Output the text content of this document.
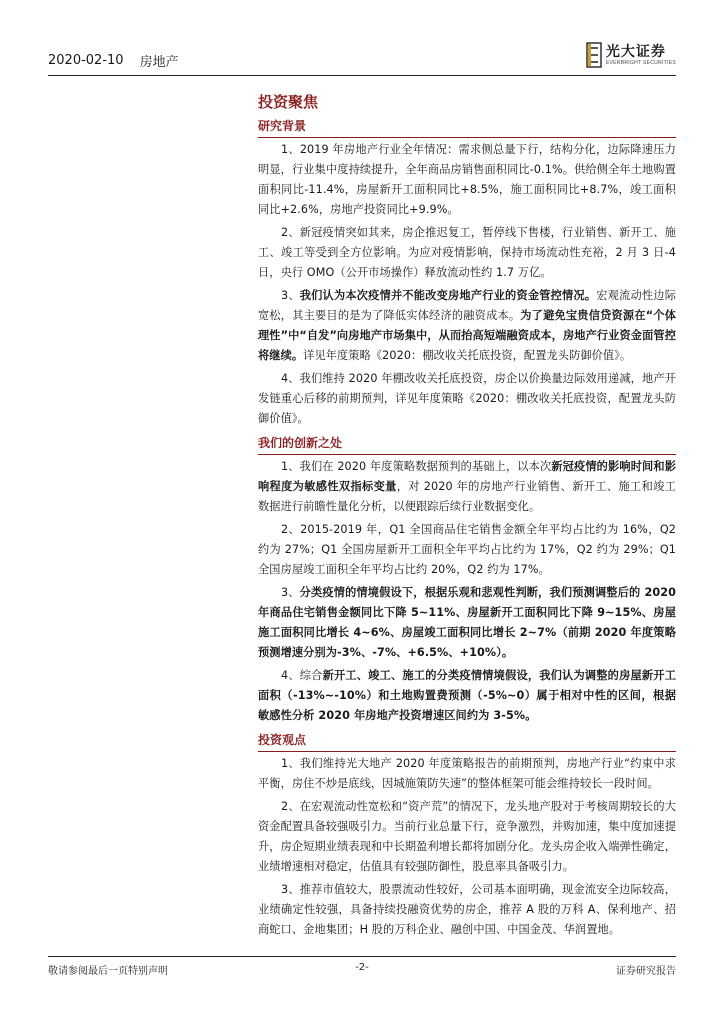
2020-02-10 房地产
光大证券
EVERBRIGHT SECURITIES
投资聚焦
研究背景

1、2019 年房地产行业全年情况：需求侧总量下行，结构分化，边际降速压力明显，行业集中度持续提升，全年商品房销售面积同比-0.1%。供给侧全年土地购置面积同比-11.4%，房屋新开工面积同比+8.5%，施工面积同比+8.7%，竣工面积同比+2.6%，房地产投资同比+9.9%。

2、新冠疫情突如其来，房企推迟复工，暂停线下售楼，行业销售、新开工、施工、竣工等受到全方位影响。为应对疫情影响，保持市场流动性充裕，2 月 3 日-4 日，央行 OMO（公开市场操作）释放流动性约 1.7 万亿。

3、我们认为本次疫情并不能改变房地产行业的资金管控情况。宏观流动性边际宽松，其主要目的是为了降低实体经济的融资成本。为了避免宝贵信贷资源在“个体理性”中“自发”向房地产市场集中，从而抬高短端融资成本，房地产行业资金面管控将继续。详见年度策略《2020：棚改收关托底投资，配置龙头防御价值》。

4、我们维持 2020 年棚改收关托底投资，房企以价换量边际效用递减，地产开发链重心后移的前期预判，详见年度策略《2020：棚改收关托底投资，配置龙头防御价值》。

我们的创新之处

1、我们在 2020 年度策略数据预判的基础上，以本次新冠疫情的影响时间和影响程度为敏感性双指标变量，对 2020 年的房地产行业销售、新开工、施工和竣工数据进行前瞻性量化分析，以便跟踪后续行业数据变化。

2、2015-2019 年，Q1 全国商品住宅销售金额全年平均占比约为 16%，Q2 约为 27%；Q1 全国房屋新开工面积全年平均占比约为 17%，Q2 约为 29%；Q1 全国房屋竣工面积全年平均占比约 20%，Q2 约为 17%。

3、分类疫情的情境假设下，根据乐观和悲观性判断，我们预测调整后的 2020 年商品住宅销售金额同比下降 5~11%、房屋新开工面积同比下降 9~15%、房屋施工面积同比增长 4~6%、房屋竣工面积同比增长 2~7%（前期 2020 年度策略预测增速分别为-3%、-7%、+6.5%、+10%）。

4、综合新开工、竣工、施工的分类疫情情境假设，我们认为调整的房屋新开工面积（-13%~-10%）和土地购置费预测（-5%~0）属于相对中性的区间，根据敏感性分析 2020 年房地产投资增速区间约为 3-5%。

投资观点

1、我们维持光大地产 2020 年度策略报告的前期预判，房地产行业“约束中求平衡，房住不炒是底线，因城施策防失速”的整体框架可能会维持较长一段时间。

2、在宏观流动性宽松和“资产荒”的情况下，龙头地产股对于考核周期较长的大资金配置具备较强吸引力。当前行业总量下行，竞争激烈，并购加速，集中度加速提升，房企短期业绩表现和中长期盈利增长都将加剧分化。龙头房企收入端弹性确定，业绩增速相对稳定，估值具有较强防御性，股息率具备吸引力。

3、推荐市值较大，股票流动性较好，公司基本面明确，现金流安全边际较高，业绩确定性较强，具备持续投融资优势的房企，推荐 A 股的万科 A、保利地产、招商蛇口、金地集团；H 股的万科企业、融创中国、中国金茂、华润置地。

敬请参阅最后一页特别声明	-2-	证券研究报告
